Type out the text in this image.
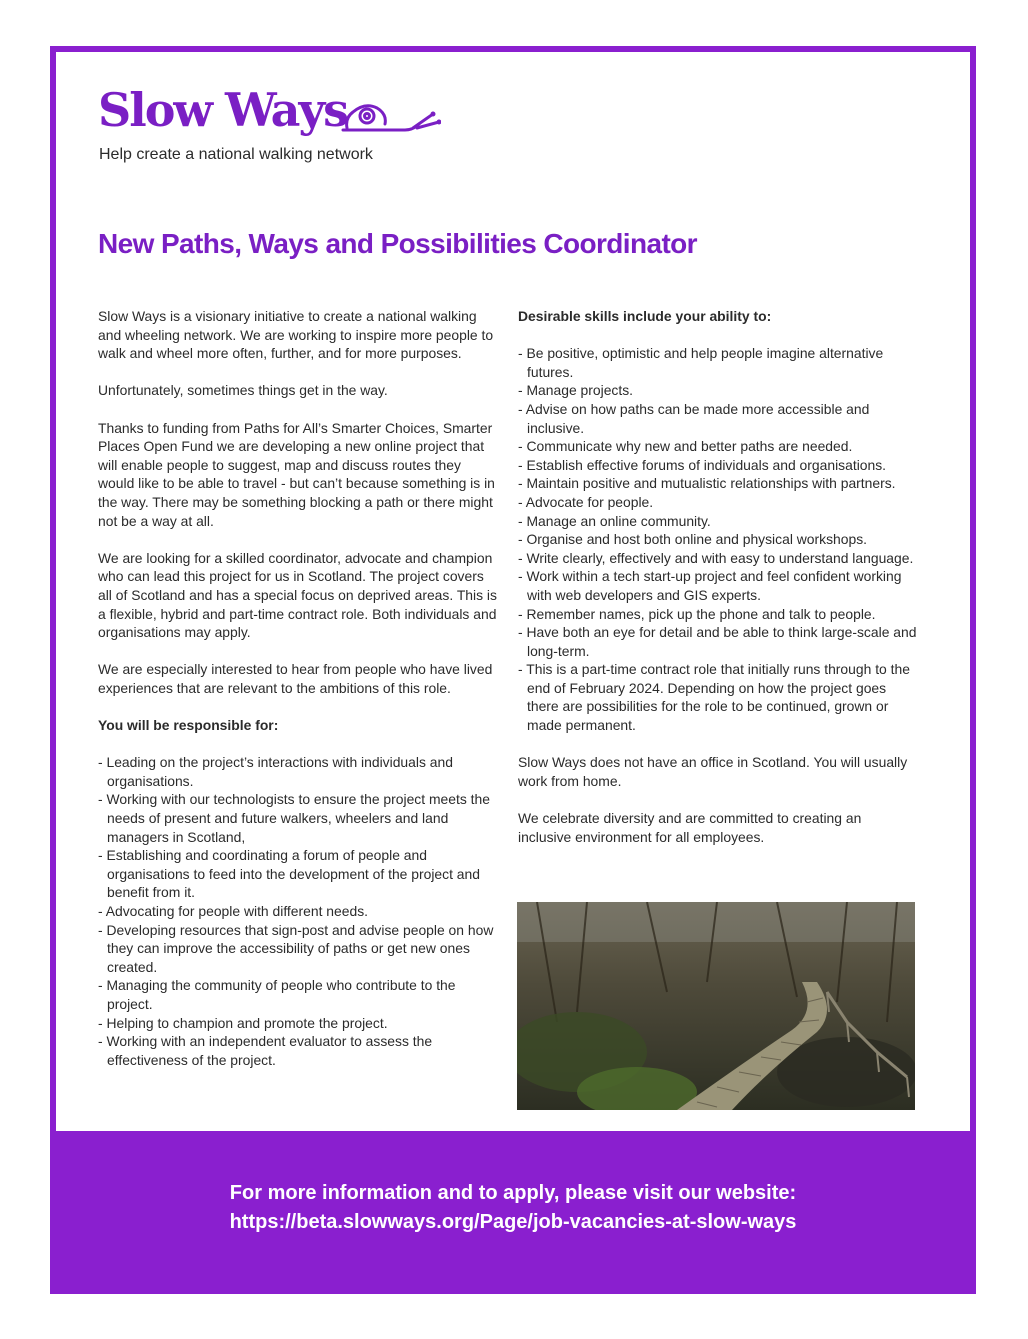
Slow Ways
Help create a national walking network
New Paths, Ways and Possibilities Coordinator

Slow Ways is a visionary initiative to create a national walking and wheeling network. We are working to inspire more people to walk and wheel more often, further, and for more purposes.

Unfortunately, sometimes things get in the way.

Thanks to funding from Paths for All’s Smarter Choices, Smarter Places Open Fund we are developing a new online project that will enable people to suggest, map and discuss routes they would like to be able to travel - but can’t because something is in the way. There may be something blocking a path or there might not be a way at all.

We are looking for a skilled coordinator, advocate and champion who can lead this project for us in Scotland. The project covers all of Scotland and has a special focus on deprived areas. This is a flexible, hybrid and part-time contract role. Both individuals and organisations may apply.

We are especially interested to hear from people who have lived experiences that are relevant to the ambitions of this role.

You will be responsible for:

- Leading on the project’s interactions with individuals and organisations.
- Working with our technologists to ensure the project meets the needs of present and future walkers, wheelers and land managers in Scotland,
- Establishing and coordinating a forum of people and organisations to feed into the development of the project and benefit from it.
- Advocating for people with different needs.
- Developing resources that sign-post and advise people on how they can improve the accessibility of paths or get new ones created.
- Managing the community of people who contribute to the project.
- Helping to champion and promote the project.
- Working with an independent evaluator to assess the effectiveness of the project.

Desirable skills include your ability to:

- Be positive, optimistic and help people imagine alternative futures.
- Manage projects.
- Advise on how paths can be made more accessible and inclusive.
- Communicate why new and better paths are needed.
- Establish effective forums of individuals and organisations.
- Maintain positive and mutualistic relationships with partners.
- Advocate for people.
- Manage an online community.
- Organise and host both online and physical workshops.
- Write clearly, effectively and with easy to understand language.
- Work within a tech start-up project and feel confident working with web developers and GIS experts.
- Remember names, pick up the phone and talk to people.
- Have both an eye for detail and be able to think large-scale and long-term.
- This is a part-time contract role that initially runs through to the end of February 2024. Depending on how the project goes there are possibilities for the role to be continued, grown or made permanent.

Slow Ways does not have an office in Scotland. You will usually work from home.

We celebrate diversity and are committed to creating an inclusive environment for all employees.

For more information and to apply, please visit our website:
https://beta.slowways.org/Page/job-vacancies-at-slow-ways
